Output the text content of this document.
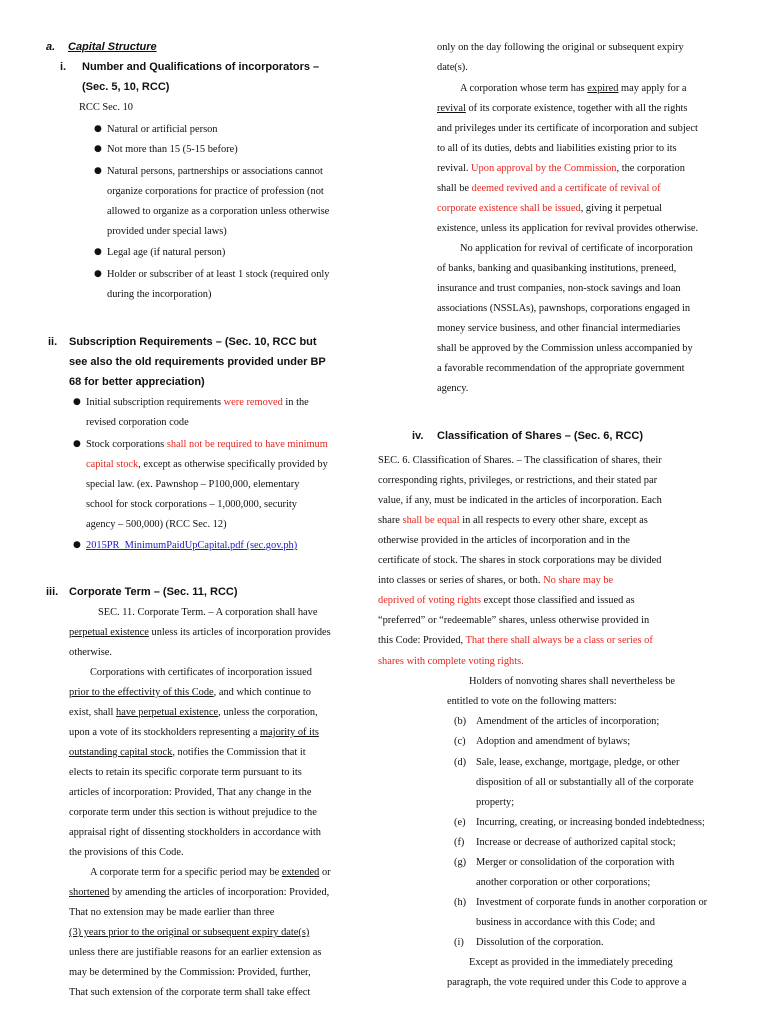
a. Capital Structure
i. Number and Qualifications of incorporators –
(Sec. 5, 10, RCC)
RCC Sec. 10
● Natural or artificial person
● Not more than 15 (5-15 before)
● Natural persons, partnerships or associations cannot
organize corporations for practice of profession (not
allowed to organize as a corporation unless otherwise
provided under special laws)
● Legal age (if natural person)
● Holder or subscriber of at least 1 stock (required only
during the incorporation)
ii. Subscription Requirements – (Sec. 10, RCC but
see also the old requirements provided under BP
68 for better appreciation)
● Initial subscription requirements were removed in the
revised corporation code
● Stock corporations shall not be required to have minimum
capital stock, except as otherwise specifically provided by
special law. (ex. Pawnshop – P100,000, elementary
school for stock corporations – 1,000,000, security
agency – 500,000) (RCC Sec. 12)
● 2015PR_MinimumPaidUpCapital.pdf (sec.gov.ph)
iii. Corporate Term – (Sec. 11, RCC)
SEC. 11. Corporate Term. – A corporation shall have
perpetual existence unless its articles of incorporation provides
otherwise.
Corporations with certificates of incorporation issued
prior to the effectivity of this Code, and which continue to
exist, shall have perpetual existence, unless the corporation,
upon a vote of its stockholders representing a majority of its
outstanding capital stock, notifies the Commission that it
elects to retain its specific corporate term pursuant to its
articles of incorporation: Provided, That any change in the
corporate term under this section is without prejudice to the
appraisal right of dissenting stockholders in accordance with
the provisions of this Code.
A corporate term for a specific period may be extended or
shortened by amending the articles of incorporation: Provided,
That no extension may be made earlier than three
(3) years prior to the original or subsequent expiry date(s)
unless there are justifiable reasons for an earlier extension as
may be determined by the Commission: Provided, further,
That such extension of the corporate term shall take effect
only on the day following the original or subsequent expiry
date(s).
A corporation whose term has expired may apply for a
revival of its corporate existence, together with all the rights
and privileges under its certificate of incorporation and subject
to all of its duties, debts and liabilities existing prior to its
revival. Upon approval by the Commission, the corporation
shall be deemed revived and a certificate of revival of
corporate existence shall be issued, giving it perpetual
existence, unless its application for revival provides otherwise.
No application for revival of certificate of incorporation
of banks, banking and quasibanking institutions, preneed,
insurance and trust companies, non-stock savings and loan
associations (NSSLAs), pawnshops, corporations engaged in
money service business, and other financial intermediaries
shall be approved by the Commission unless accompanied by
a favorable recommendation of the appropriate government
agency.
iv. Classification of Shares – (Sec. 6, RCC)
SEC. 6. Classification of Shares. – The classification of shares, their
corresponding rights, privileges, or restrictions, and their stated par
value, if any, must be indicated in the articles of incorporation. Each
share shall be equal in all respects to every other share, except as
otherwise provided in the articles of incorporation and in the
certificate of stock. The shares in stock corporations may be divided
into classes or series of shares, or both. No share may be
deprived of voting rights except those classified and issued as
“preferred” or “redeemable” shares, unless otherwise provided in
this Code: Provided, That there shall always be a class or series of
shares with complete voting rights.
Holders of nonvoting shares shall nevertheless be
entitled to vote on the following matters:
(b) Amendment of the articles of incorporation;
(c) Adoption and amendment of bylaws;
(d) Sale, lease, exchange, mortgage, pledge, or other
disposition of all or substantially all of the corporate
property;
(e) Incurring, creating, or increasing bonded indebtedness;
(f) Increase or decrease of authorized capital stock;
(g) Merger or consolidation of the corporation with
another corporation or other corporations;
(h) Investment of corporate funds in another corporation or
business in accordance with this Code; and
(i) Dissolution of the corporation.
Except as provided in the immediately preceding
paragraph, the vote required under this Code to approve a
